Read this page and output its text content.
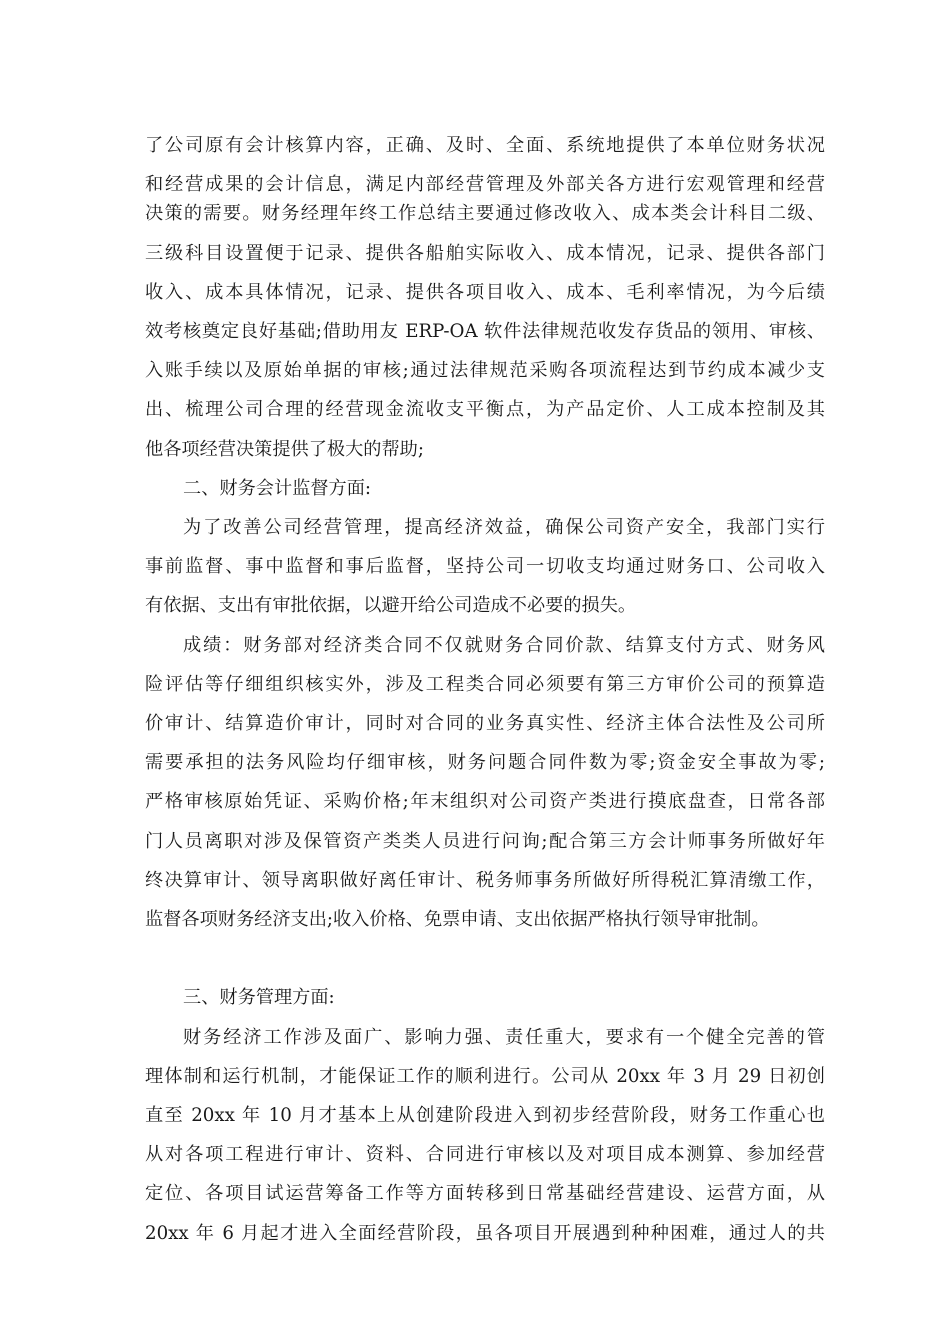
了公司原有会计核算内容，正确、及时、全面、系统地提供了本单位财务状况
和经营成果的会计信息，满足内部经营管理及外部关各方进行宏观管理和经营
决策的需要。财务经理年终工作总结主要通过修改收入、成本类会计科目二级、
三级科目设置便于记录、提供各船舶实际收入、成本情况，记录、提供各部门
收入、成本具体情况，记录、提供各项目收入、成本、毛利率情况，为今后绩
效考核奠定良好基础;借助用友 ERP-OA 软件法律规范收发存货品的领用、审核、
入账手续以及原始单据的审核;通过法律规范采购各项流程达到节约成本减少支
出、梳理公司合理的经营现金流收支平衡点，为产品定价、人工成本控制及其
他各项经营决策提供了极大的帮助;
二、财务会计监督方面:
为了改善公司经营管理，提高经济效益，确保公司资产安全，我部门实行
事前监督、事中监督和事后监督，坚持公司一切收支均通过财务口、公司收入
有依据、支出有审批依据，以避开给公司造成不必要的损失。
成绩：财务部对经济类合同不仅就财务合同价款、结算支付方式、财务风
险评估等仔细组织核实外，涉及工程类合同必须要有第三方审价公司的预算造
价审计、结算造价审计，同时对合同的业务真实性、经济主体合法性及公司所
需要承担的法务风险均仔细审核，财务问题合同件数为零;资金安全事故为零;
严格审核原始凭证、采购价格;年末组织对公司资产类进行摸底盘查，日常各部
门人员离职对涉及保管资产类类人员进行问询;配合第三方会计师事务所做好年
终决算审计、领导离职做好离任审计、税务师事务所做好所得税汇算清缴工作，
监督各项财务经济支出;收入价格、免票申请、支出依据严格执行领导审批制。
三、财务管理方面:
财务经济工作涉及面广、影响力强、责任重大，要求有一个健全完善的管
理体制和运行机制，才能保证工作的顺利进行。公司从 20xx 年 3 月 29 日初创
直至 20xx 年 10 月才基本上从创建阶段进入到初步经营阶段，财务工作重心也
从对各项工程进行审计、资料、合同进行审核以及对项目成本测算、参加经营
定位、各项目试运营筹备工作等方面转移到日常基础经营建设、运营方面，从
20xx 年 6 月起才进入全面经营阶段，虽各项目开展遇到种种困难，通过人的共
